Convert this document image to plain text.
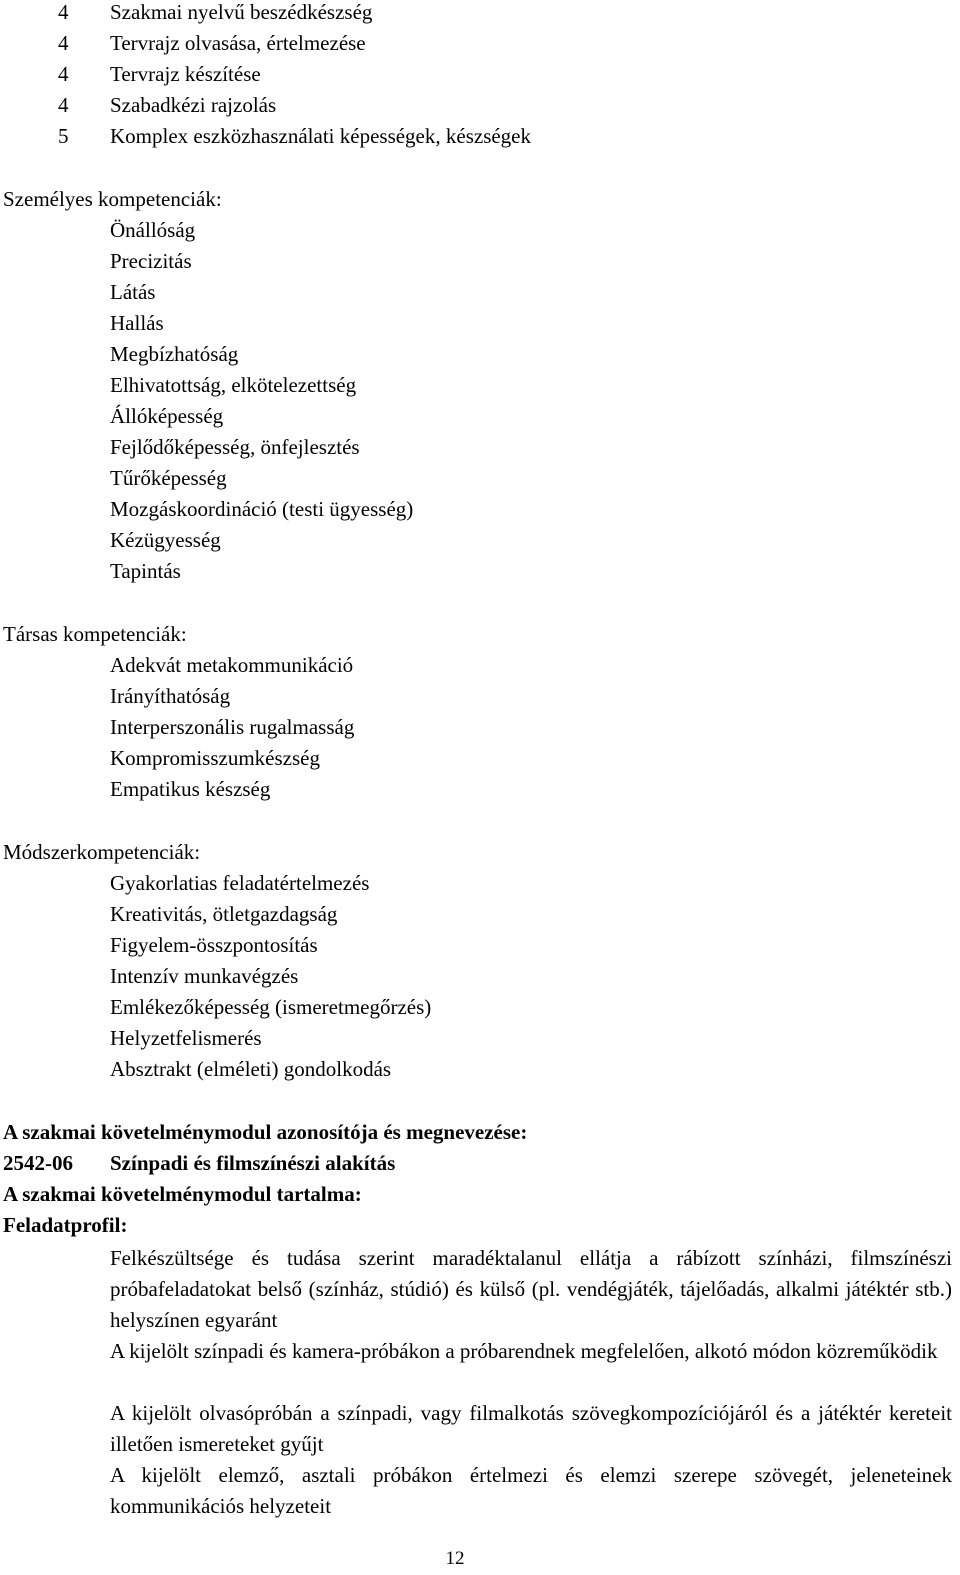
4	Szakmai nyelvű beszédkészség
4	Tervrajz olvasása, értelmezése
4	Tervrajz készítése
4	Szabadkézi rajzolás
5	Komplex eszközhasználati képességek, készségek
Személyes kompetenciák:
Önállóság
Precizitás
Látás
Hallás
Megbízhatóság
Elhivatottság, elkötelezettség
Állóképesség
Fejlődőképesség, önfejlesztés
Tűrőképesség
Mozgáskoordináció (testi ügyesség)
Kézügyesség
Tapintás
Társas kompetenciák:
Adekvát metakommunikáció
Irányíthatóság
Interperszonális rugalmasság
Kompromisszumkészség
Empatikus készség
Módszerkompetenciák:
Gyakorlatias feladatértelmezés
Kreativitás, ötletgazdagság
Figyelem-összpontosítás
Intenzív munkavégzés
Emlékezőképesség (ismeretmegőrzés)
Helyzetfelismerés
Absztrakt (elméleti) gondolkodás
A szakmai követelménymodul azonosítója és megnevezése:
2542-06 Színpadi és filmszínészi alakítás
A szakmai követelménymodul tartalma:
Feladatprofil:
Felkészültsége és tudása szerint maradéktalanul ellátja a rábízott színházi, filmszínészi próbafeladatokat belső (színház, stúdió) és külső (pl. vendégjáték, tájelőadás, alkalmi játéktér stb.) helyszínen egyaránt
A kijelölt színpadi és kamera-próbákon a próbarendnek megfelelően, alkotó módon közreműködik
A kijelölt olvasópróbán a színpadi, vagy filmalkotás szövegkompozíciójáról és a játéktér kereteit illetően ismereteket gyűjt
A kijelölt elemző, asztali próbákon értelmezi és elemzi szerepe szövegét, jeleneteinek kommunikációs helyzeteit
12
